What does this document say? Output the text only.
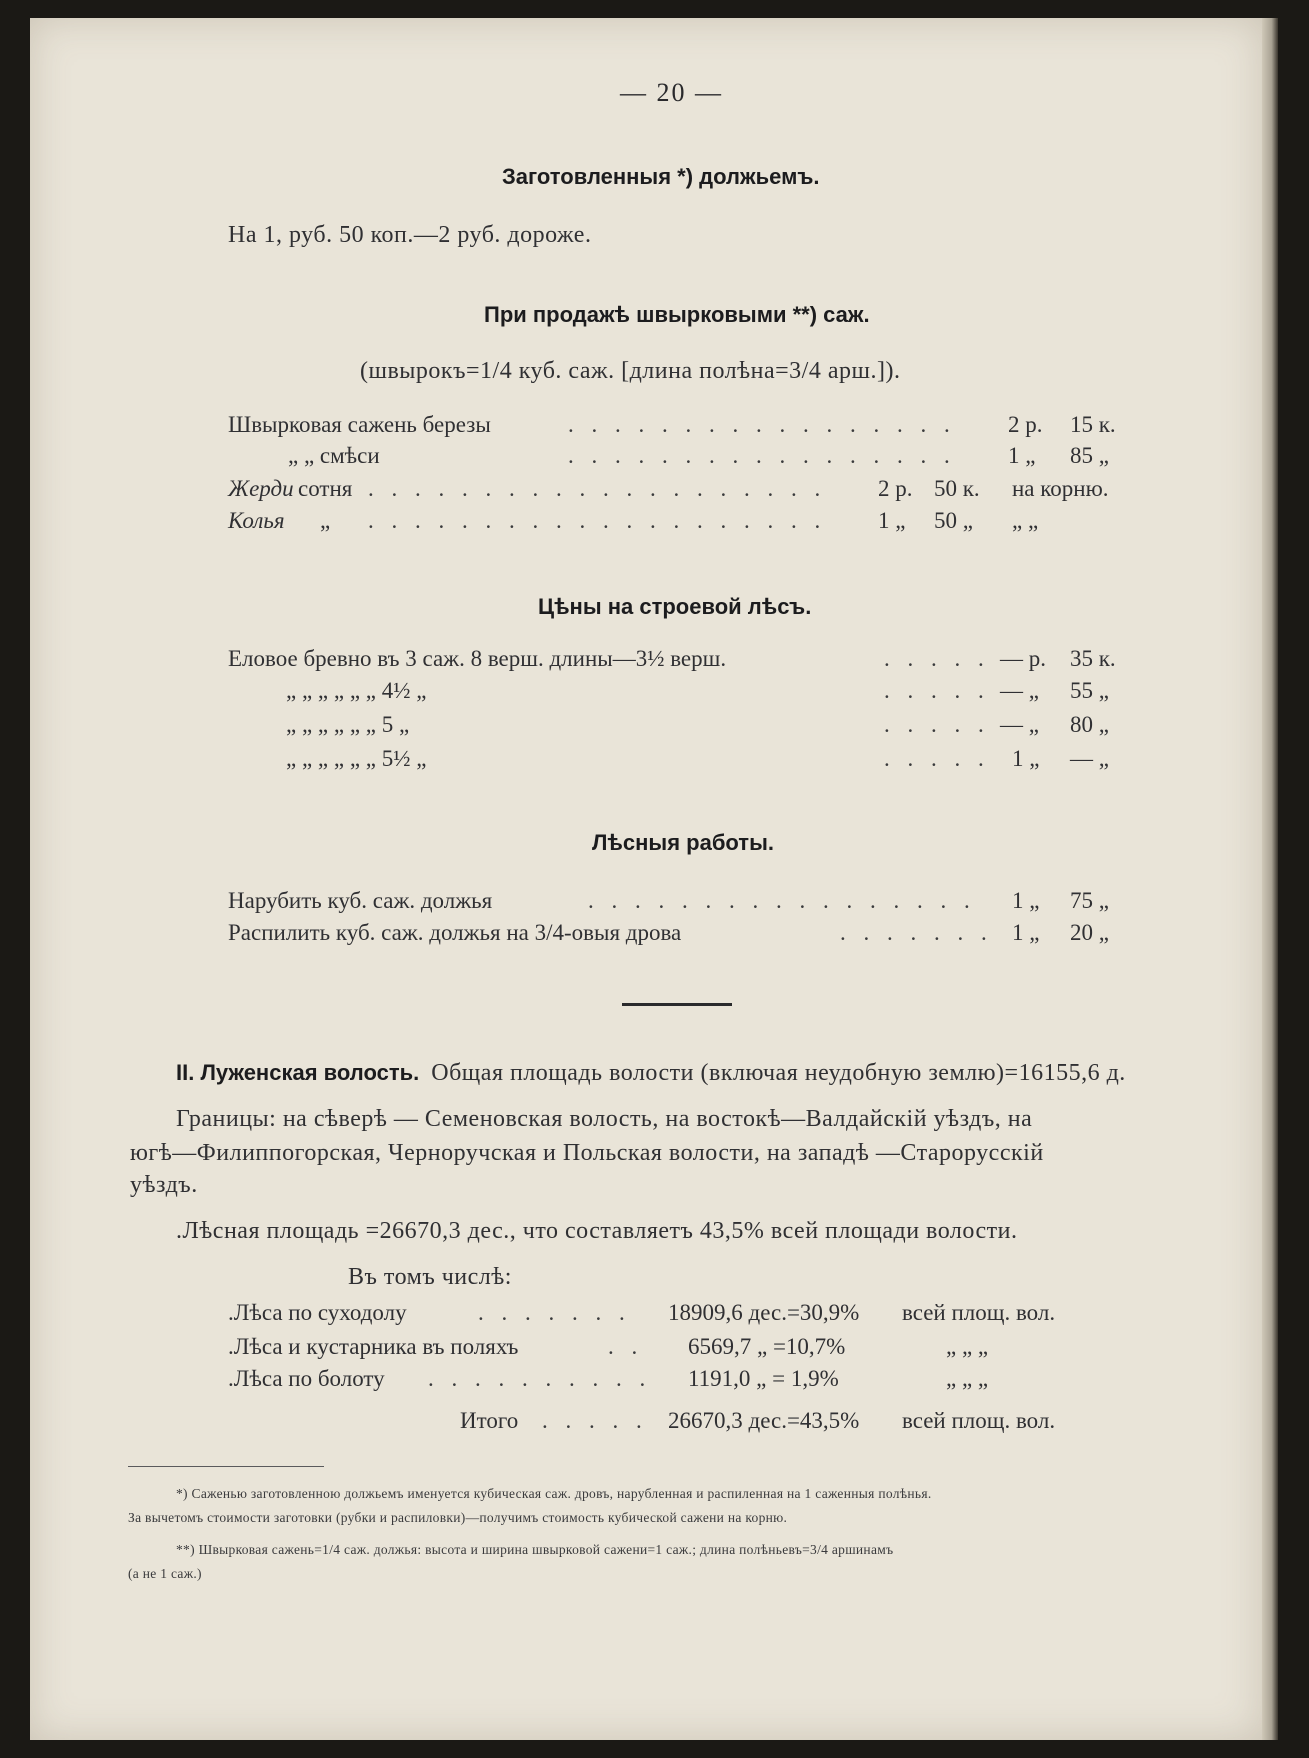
— 20 —
Заготовленныя *) должьемъ.
На 1, руб. 50 коп.—2 руб. дороже.
При продажѣ швырковыми **) саж.
(швырокъ=1/4 куб. саж. [длина полѣна=3/4 арш.]).
Швырковая сажень березы	. . . . . . . . . . . . . . . . . 2 р. 15 к.
„ „ смѣси	. . . . . . . . . . . . . . . . . 1 „ 85 „
Жерди сотня . . . . . . . . . . . . . . . . . . . . 2 р. 50 к. на корню.
Колья „ . . . . . . . . . . . . . . . . . . . . 1 „ 50 „ „ „
Цѣны на строевой лѣсъ.
Еловое бревно въ 3 саж. 8 верш. длины—3½ верш.	. . . . . — р. 35 к.
„ „ „ „ „ „ 4½ „	. . . . . — „ 55 „
„ „ „ „ „ „ 5 „	. . . . . — „ 80 „
„ „ „ „ „ „ 5½ „	. . . . . 1 „ — „
Лѣсныя работы.
Нарубить куб. саж. должья	. . . . . . . . . . . . . . . . . 1 „ 75 „
Распилить куб. саж. должья на 3/4-овыя дрова	. . . . . . . 1 „ 20 „
II. Луженская волость. Общая площадь волости (включая неудобную землю)=16155,6 д.
Границы: на сѣверѣ — Семеновская волость, на востокѣ—Валдайскій уѣздъ, на
югѣ—Филиппогорская, Черноручская и Польская волости, на западѣ —Старорусскій
уѣздъ.
.Лѣсная площадь =26670,3 дес., что составляетъ 43,5% всей площади волости.
Въ томъ числѣ:
.Лѣса по суходолу	. . . . . . . 18909,6 дес.=30,9% всей площ. вол.
.Лѣса и кустарника въ поляхъ	. . 6569,7 „ =10,7%	„ „ „
.Лѣса по болоту . . . . . . . . . . 1191,0 „ = 1,9%	„ „ „
Итого . . . . . 26670,3 дес.=43,5% всей площ. вол.
*) Саженью заготовленною должьемъ именуется кубическая саж. дровъ, нарубленная и распиленная на 1 саженныя полѣнья.
За вычетомъ стоимости заготовки (рубки и распиловки)—получимъ стоимость кубической сажени на корню.
**) Швырковая сажень=1/4 саж. должья: высота и ширина швырковой сажени=1 саж.; длина полѣньевъ=3/4 аршинамъ
(а не 1 саж.)
